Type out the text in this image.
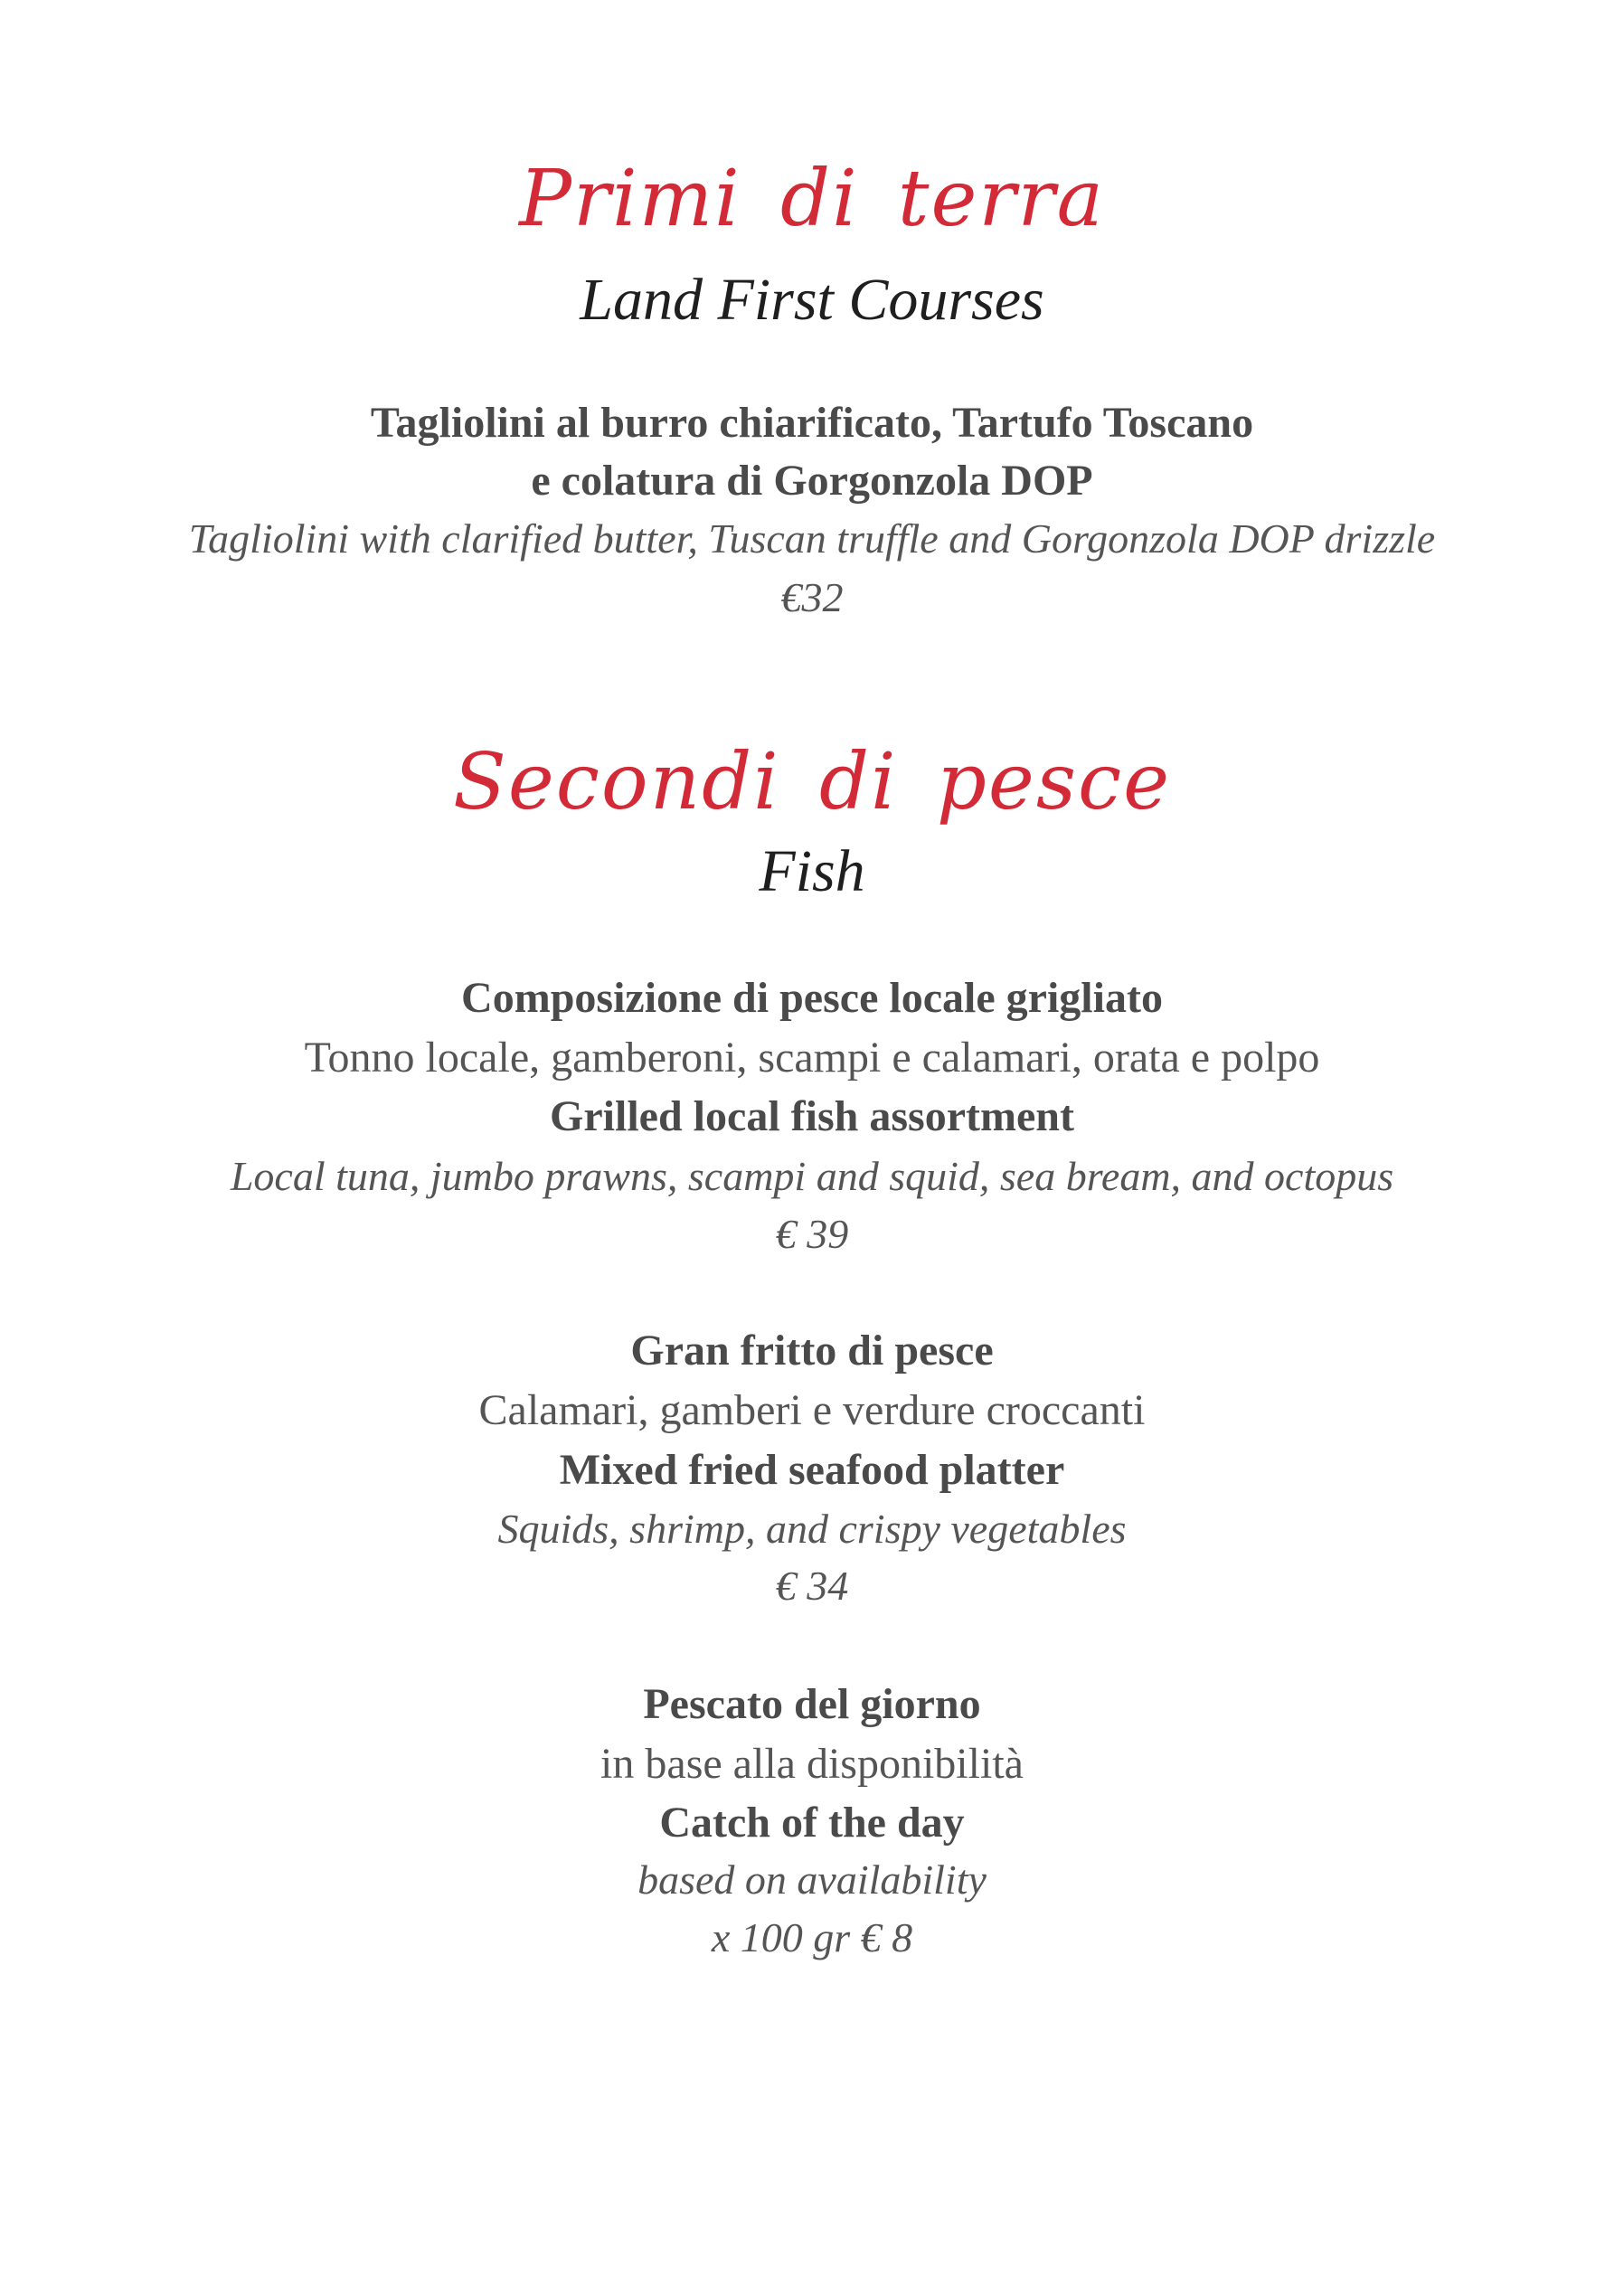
Primi di terra
Land First Courses
Tagliolini al burro chiarificato, Tartufo Toscano
e colatura di Gorgonzola DOP
Tagliolini with clarified butter, Tuscan truffle and Gorgonzola DOP drizzle
€32
Secondi di pesce
Fish
Composizione di pesce locale grigliato
Tonno locale, gamberoni, scampi e calamari, orata e polpo
Grilled local fish assortment
Local tuna, jumbo prawns, scampi and squid, sea bream, and octopus
€ 39
Gran fritto di pesce
Calamari, gamberi e verdure croccanti
Mixed fried seafood platter
Squids, shrimp, and crispy vegetables
€ 34
Pescato del giorno
in base alla disponibilità
Catch of the day
based on availability
x 100 gr € 8
